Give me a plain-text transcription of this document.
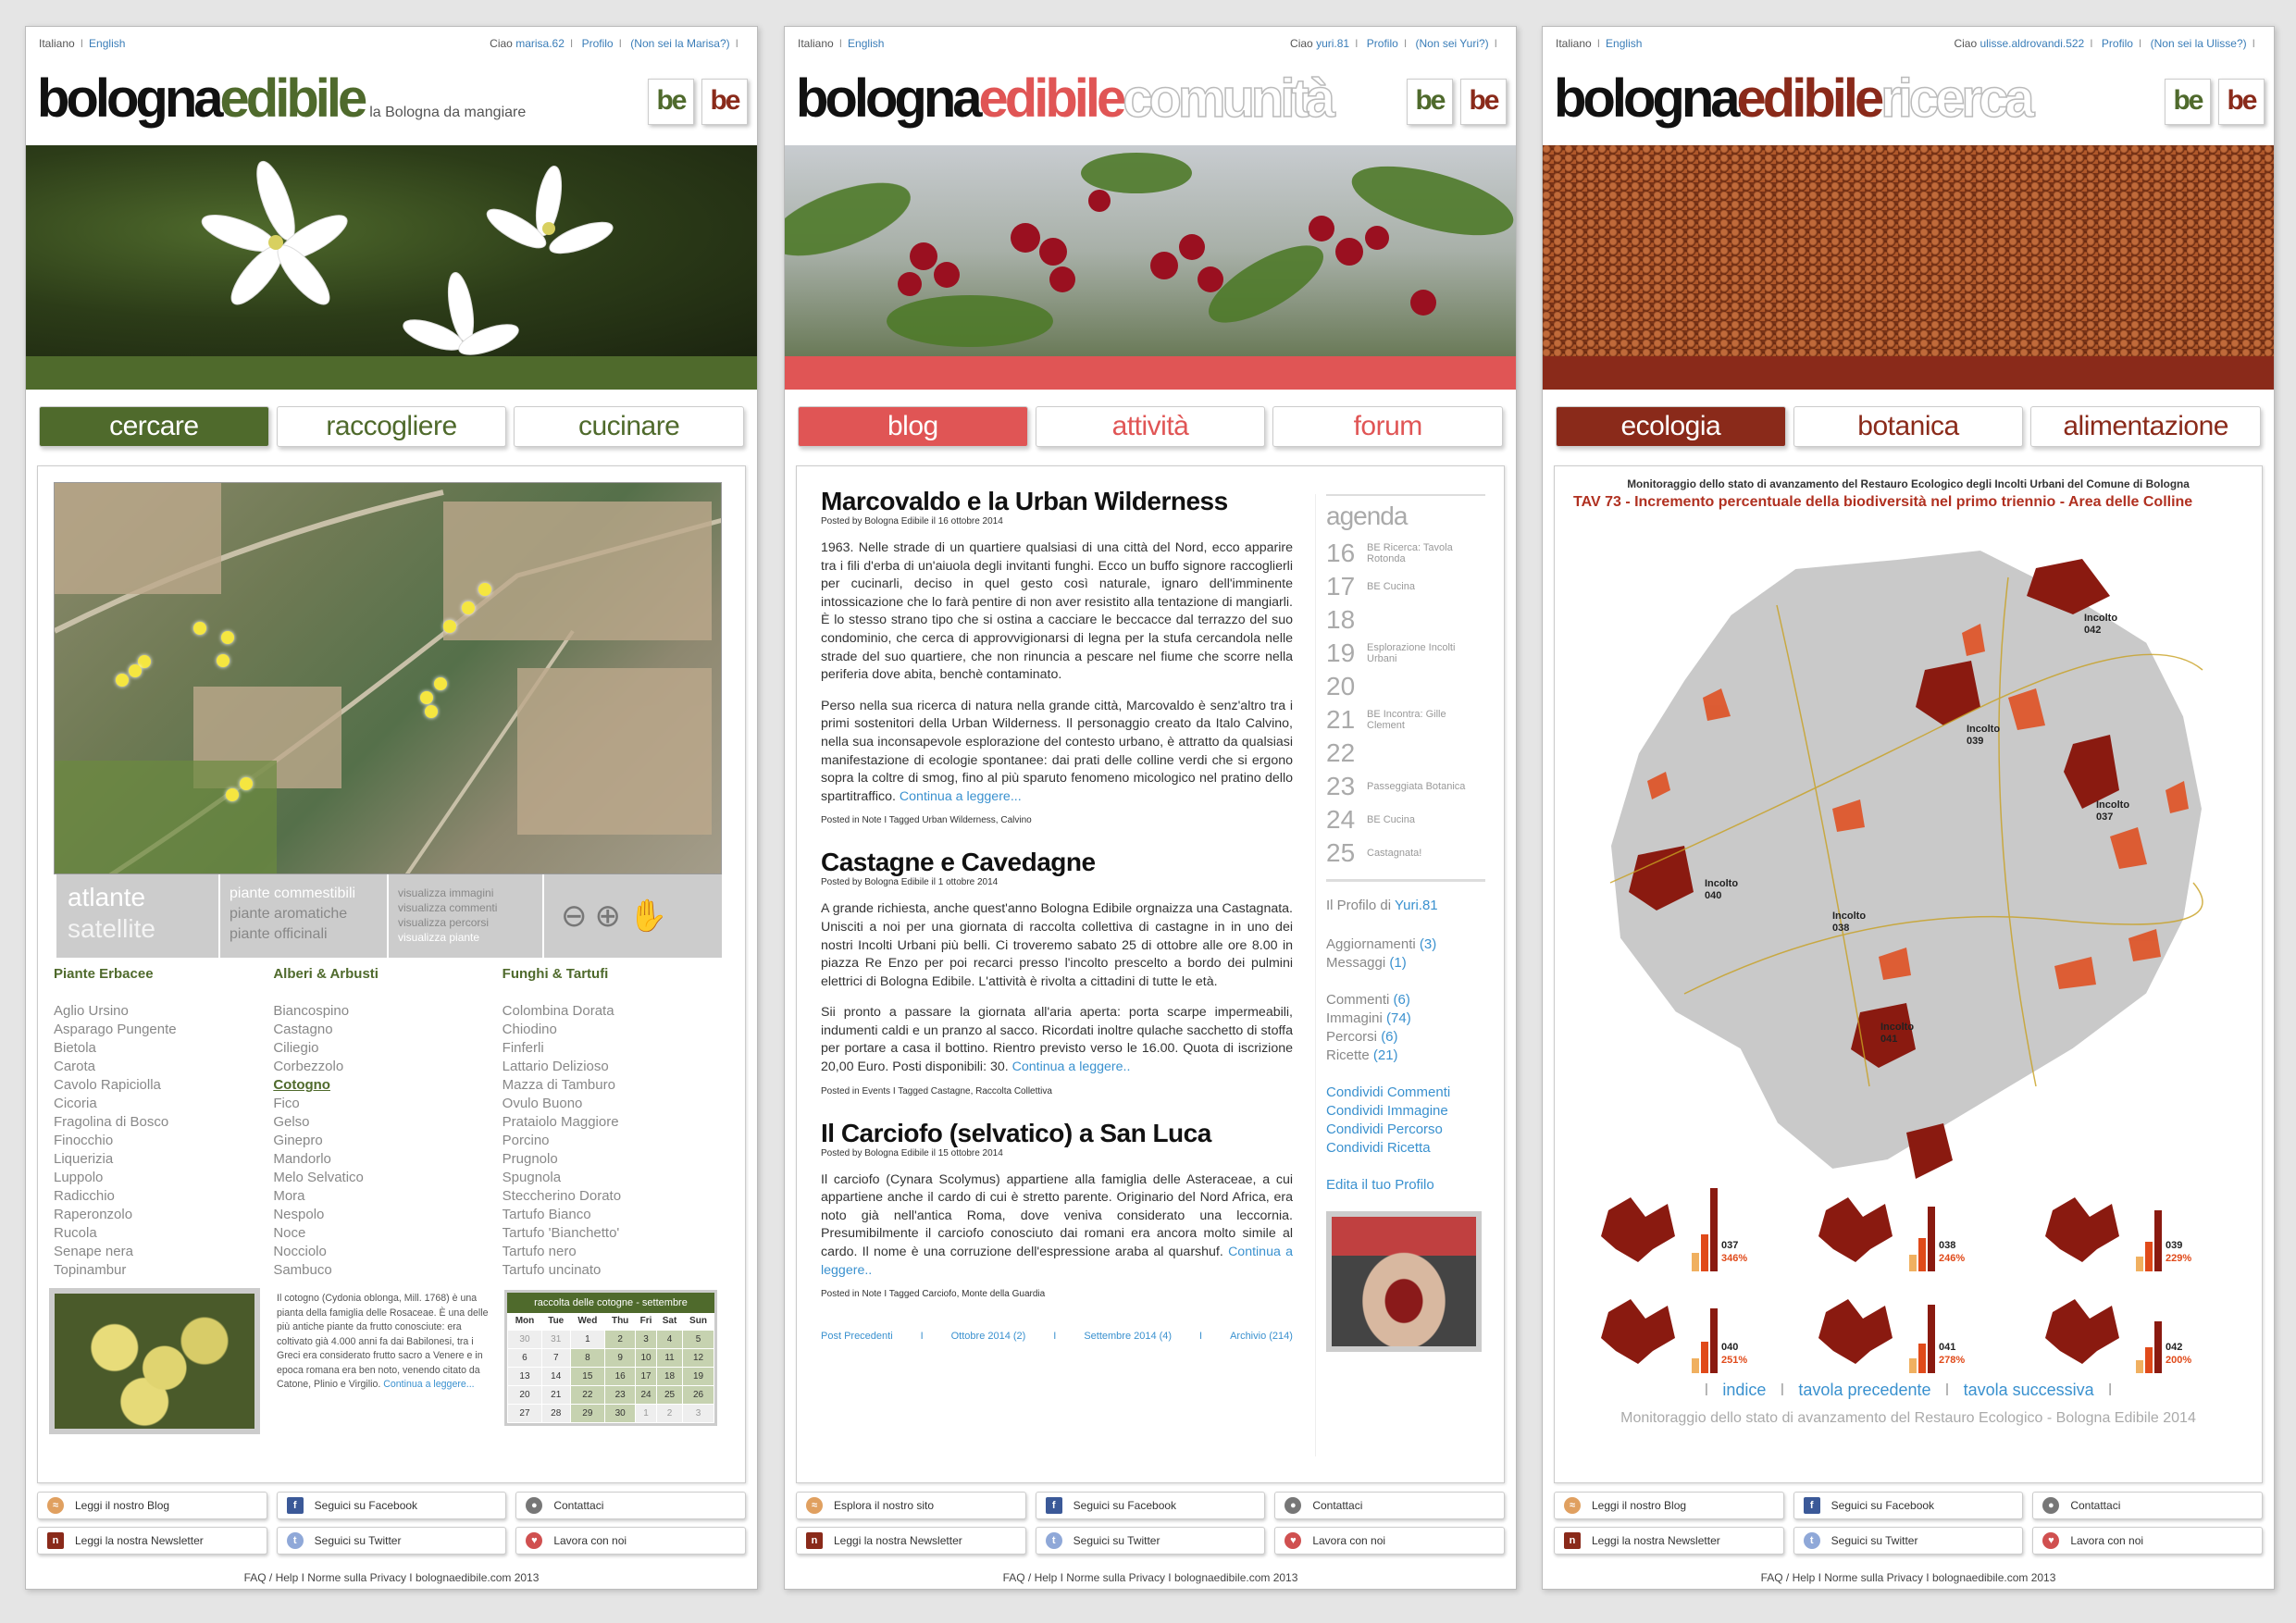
Italiano I English	Ciao marisa.62 I Profilo I (Non sei la Marisa?) I
bolognaedibile la Bologna da mangiare	be be
cercare	raccogliere	cucinare
atlante
satellite
piante commestibili
piante aromatiche
piante officinali
visualizza immagini
visualizza commenti
visualizza percorsi
visualizza piante
⊖ ⊕ ✋
Piante Erbacee
Aglio Ursino
Asparago Pungente
Bietola
Carota
Cavolo Rapiciolla
Cicoria
Fragolina di Bosco
Finocchio
Liquerizia
Luppolo
Radicchio
Raperonzolo
Rucola
Senape nera
Topinambur
Alberi & Arbusti
Biancospino
Castagno
Ciliegio
Corbezzolo
Cotogno
Fico
Gelso
Ginepro
Mandorlo
Melo Selvatico
Mora
Nespolo
Noce
Nocciolo
Sambuco
Funghi & Tartufi
Colombina Dorata
Chiodino
Finferli
Lattario Delizioso
Mazza di Tamburo
Ovulo Buono
Prataiolo Maggiore
Porcino
Prugnolo
Spugnola
Steccherino Dorato
Tartufo Bianco
Tartufo 'Bianchetto'
Tartufo nero
Tartufo uncinato
Il cotogno (Cydonia oblonga, Mill. 1768) è una pianta della famiglia delle Rosaceae. È una delle più antiche piante da frutto conosciute: era coltivato già 4.000 anni fa dai Babilonesi, tra i Greci era considerato frutto sacro a Venere e in epoca romana era ben noto, venendo citato da Catone, Plinio e Virgilio. Continua a leggere...
raccolta delle cotogne - settembre
Mon	Tue	Wed	Thu	Fri	Sat	Sun
30	31	1	2	3	4	5
6	7	8	9	10	11	12
13	14	15	16	17	18	19
20	21	22	23	24	25	26
27	28	29	30	1	2	3
≈	Leggi il nostro Blog	f	Seguici su Facebook	●	Contattaci
n	Leggi la nostra Newsletter	t	Seguici su Twitter	♥	Lavora con noi
FAQ / Help I Norme sulla Privacy I bolognaedibile.com 2013
Italiano I English	Ciao yuri.81 I Profilo I (Non sei Yuri?) I
bolognaedibilecomunità	be be
blog	attività	forum
Marcovaldo e la Urban Wilderness
Posted by Bologna Edibile il 16 ottobre 2014

1963. Nelle strade di un quartiere qualsiasi di una città del Nord, ecco apparire tra i fili d'erba di un'aiuola degli invitanti funghi. Ecco un buffo signore raccoglierli per cucinarli, deciso in quel gesto così naturale, ignaro dell'imminente intossicazione che lo farà pentire di non aver resistito alla tentazione di mangiarli. È lo stesso strano tipo che si ostina a cacciare le beccacce dal terrazzo del suo condominio, che cerca di approvvigionarsi di legna per la stufa cercandola nelle strade del suo quartiere, che non rinuncia a pescare nel fiume che scorre nella periferia dove abita, benchè contaminato.

Perso nella sua ricerca di natura nella grande città, Marcovaldo è senz'altro tra i primi sostenitori della Urban Wilderness. Il personaggio creato da Italo Calvino, nella sua inconsapevole esplorazione del contesto urbano, è attratto da qualsiasi manifestazione di ecologie spontanee: dai prati delle colline verdi che si ergono sopra la coltre di smog, fino al più sparuto fenomeno micologico nel pratino dello spartitraffico. Continua a leggere...

Posted in Note I Tagged Urban Wilderness, Calvino
Castagne e Cavedagne
Posted by Bologna Edibile il 1 ottobre 2014

A grande richiesta, anche quest'anno Bologna Edibile orgnaizza una Castagnata. Unisciti a noi per una giornata di raccolta collettiva di castagne in in uno dei nostri Incolti Urbani più belli. Ci troveremo sabato 25 di ottobre alle ore 8.00 in piazza Re Enzo per poi recarci presso l'incolto prescelto a bordo dei pulmini elettrici di Bologna Edibile. L'attività è rivolta a cittadini di tutte le età.

Sii pronto a passare la giornata all'aria aperta: porta scarpe impermeabili, indumenti caldi e un pranzo al sacco. Ricordati inoltre qulache sacchetto di stoffa per portare a casa il bottino. Rientro previsto verso le 16.00. Quota di iscrizione 20,00 Euro. Posti disponibili: 30. Continua a leggere..

Posted in Events I Tagged Castagne, Raccolta Collettiva
Il Carciofo (selvatico) a San Luca
Posted by Bologna Edibile il 15 ottobre 2014

Il carciofo (Cynara Scolymus) appartiene alla famiglia delle Asteraceae, a cui appartiene anche il cardo di cui è stretto parente. Originario del Nord Africa, era noto già nell'antica Roma, dove veniva considerato una leccornia. Presumibilmente il carciofo conosciuto dai romani era ancora molto simile al cardo. Il nome è una corruzione dell'espressione araba al quarshuf. Continua a leggere..

Posted in Note I Tagged Carciofo, Monte della Guardia
Post Precedenti	I	Ottobre 2014 (2)	I	Settembre 2014 (4)	I	Archivio (214)
agenda
16	BE Ricerca: Tavola Rotonda
17	BE Cucina
18
19	Esplorazione Incolti Urbani
20
21	BE Incontra: Gille Clement
22
23	Passeggiata Botanica
24	BE Cucina
25	Castagnata!
Il Profilo di Yuri.81
Aggiornamenti (3)
Messaggi (1)
Commenti (6)
Immagini (74)
Percorsi (6)
Ricette (21)
Condividi Commenti
Condividi Immagine
Condividi Percorso
Condividi Ricetta
Edita il tuo Profilo
≈	Esplora il nostro sito	f	Seguici su Facebook	●	Contattaci
n	Leggi la nostra Newsletter	t	Seguici su Twitter	♥	Lavora con noi
FAQ / Help I Norme sulla Privacy I bolognaedibile.com 2013
Italiano I English	Ciao ulisse.aldrovandi.522 I Profilo I (Non sei la Ulisse?) I
bolognaedibilericerca	be be
ecologia	botanica	alimentazione
Monitoraggio dello stato di avanzamento del Restauro Ecologico degli Incolti Urbani del Comune di Bologna
TAV 73 - Incremento percentuale della biodiversità nel primo triennio - Area delle Colline
Incolto
042
Incolto
039
Incolto
037
Incolto
040
Incolto
038
Incolto
041
037
346%
038
246%
039
229%
040
251%
041
278%
042
200%
I indice I tavola precedente I tavola successiva I
Monitoraggio dello stato di avanzamento del Restauro Ecologico - Bologna Edibile 2014
≈	Leggi il nostro Blog	f	Seguici su Facebook	●	Contattaci
n	Leggi la nostra Newsletter	t	Seguici su Twitter	♥	Lavora con noi
FAQ / Help I Norme sulla Privacy I bolognaedibile.com 2013
